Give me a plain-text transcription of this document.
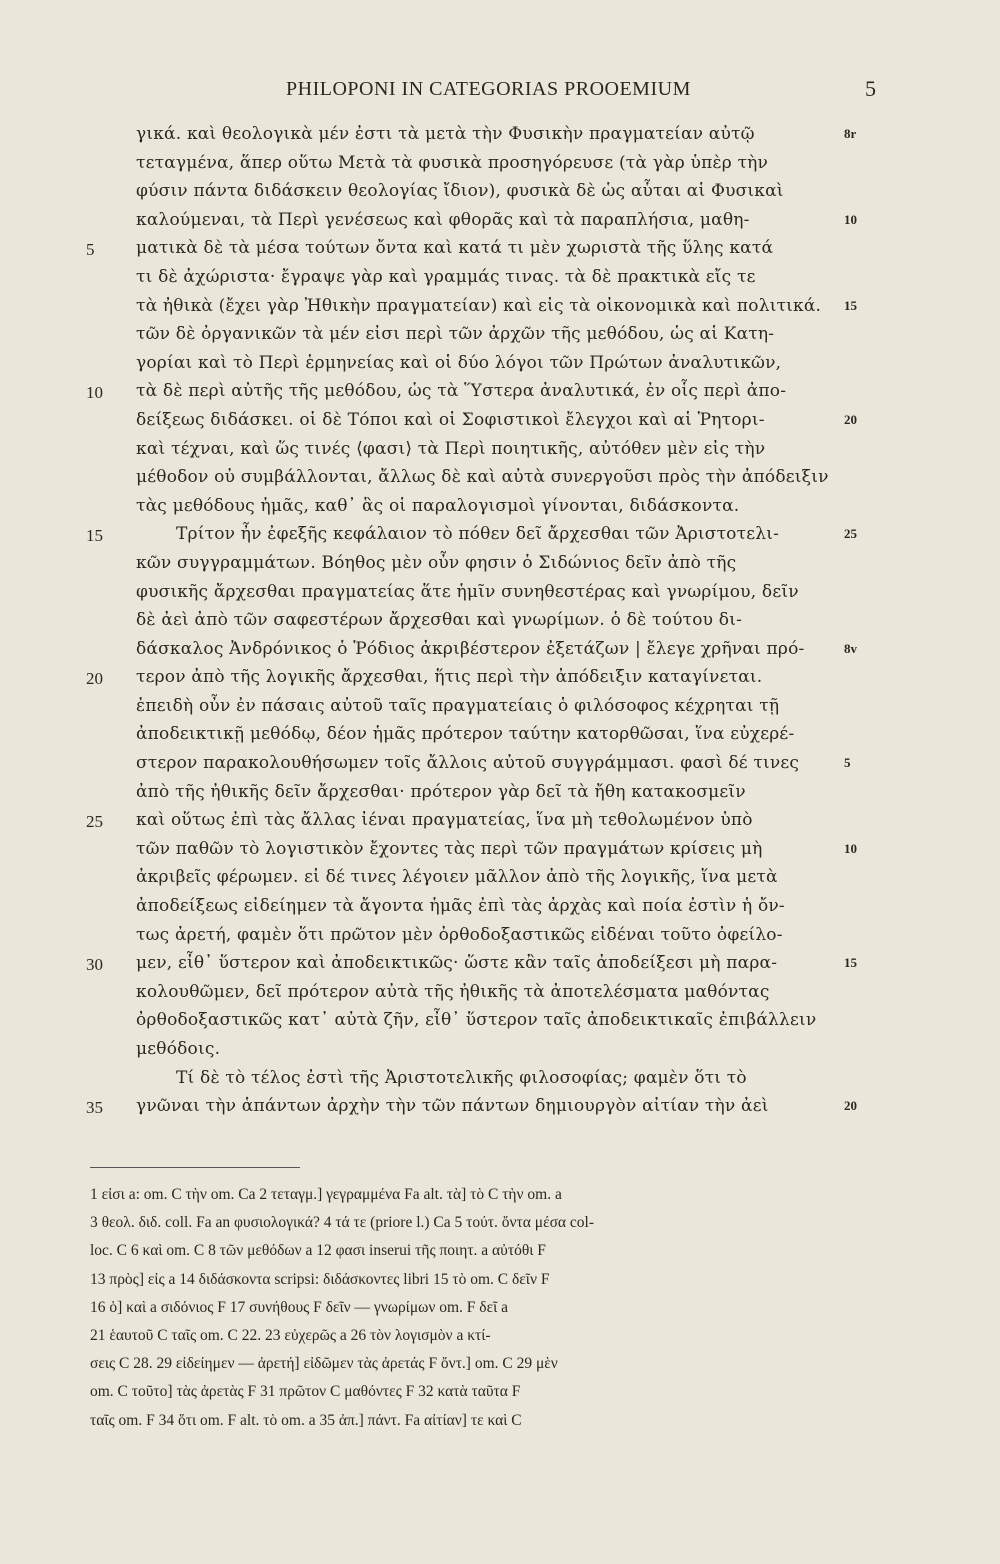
PHILOPONI IN CATEGORIAS PROOEMIUM	5
γικά. καὶ θεολογικὰ μέν ἐστι τὰ μετὰ τὴν Φυσικὴν πραγματείαν αὐτῷ	8r
τεταγμένα, ἅπερ οὕτω Μετὰ τὰ φυσικὰ προσηγόρευσε (τὰ γὰρ ὑπὲρ τὴν
φύσιν πάντα διδάσκειν θεολογίας ἴδιον), φυσικὰ δὲ ὡς αὗται αἱ Φυσικαὶ
καλούμεναι, τὰ Περὶ γενέσεως καὶ φθορᾶς καὶ τὰ παραπλήσια, μαθη-	10
5 ματικὰ δὲ τὰ μέσα τούτων ὄντα καὶ κατά τι μὲν χωριστὰ τῆς ὕλης κατά
τι δὲ ἀχώριστα· ἔγραψε γὰρ καὶ γραμμάς τινας. τὰ δὲ πρακτικὰ εἴς τε
τὰ ἠθικὰ (ἔχει γὰρ Ἠθικὴν πραγματείαν) καὶ εἰς τὰ οἰκονομικὰ καὶ πολιτικά. 15
τῶν δὲ ὀργανικῶν τὰ μέν εἰσι περὶ τῶν ἀρχῶν τῆς μεθόδου, ὡς αἱ Κατη-
γορίαι καὶ τὸ Περὶ ἑρμηνείας καὶ οἱ δύο λόγοι τῶν Πρώτων ἀναλυτικῶν,
10 τὰ δὲ περὶ αὐτῆς τῆς μεθόδου, ὡς τὰ Ὕστερα ἀναλυτικά, ἐν οἷς περὶ ἀπο-
δείξεως διδάσκει. οἱ δὲ Τόποι καὶ οἱ Σοφιστικοὶ ἔλεγχοι καὶ αἱ Ῥητορι-	20
καὶ τέχναι, καὶ ὥς τινές ⟨φασι⟩ τὰ Περὶ ποιητικῆς, αὐτόθεν μὲν εἰς τὴν
μέθοδον οὐ συμβάλλονται, ἄλλως δὲ καὶ αὐτὰ συνεργοῦσι πρὸς τὴν ἀπόδειξιν
τὰς μεθόδους ἡμᾶς, καθ᾽ ἃς οἱ παραλογισμοὶ γίνονται, διδάσκοντα.
15	Τρίτον ἦν ἐφεξῆς κεφάλαιον τὸ πόθεν δεῖ ἄρχεσθαι τῶν Ἀριστοτελι-	25
κῶν συγγραμμάτων. Βόηθος μὲν οὖν φησιν ὁ Σιδώνιος δεῖν ἀπὸ τῆς
φυσικῆς ἄρχεσθαι πραγματείας ἅτε ἡμῖν συνηθεστέρας καὶ γνωρίμου, δεῖν
δὲ ἀεὶ ἀπὸ τῶν σαφεστέρων ἄρχεσθαι καὶ γνωρίμων. ὁ δὲ τούτου δι-
δάσκαλος Ἀνδρόνικος ὁ Ῥόδιος ἀκριβέστερον ἐξετάζων | ἔλεγε χρῆναι πρό-	8v
20 τερον ἀπὸ τῆς λογικῆς ἄρχεσθαι, ἥτις περὶ τὴν ἀπόδειξιν καταγίνεται.
ἐπειδὴ οὖν ἐν πάσαις αὐτοῦ ταῖς πραγματείαις ὁ φιλόσοφος κέχρηται τῇ
ἀποδεικτικῇ μεθόδῳ, δέον ἡμᾶς πρότερον ταύτην κατορθῶσαι, ἵνα εὐχερέ-
στερον παρακολουθήσωμεν τοῖς ἄλλοις αὐτοῦ συγγράμμασι. φασὶ δέ τινες	5
ἀπὸ τῆς ἠθικῆς δεῖν ἄρχεσθαι· πρότερον γὰρ δεῖ τὰ ἤθη κατακοσμεῖν
25 καὶ οὕτως ἐπὶ τὰς ἄλλας ἰέναι πραγματείας, ἵνα μὴ τεθολωμένον ὑπὸ
τῶν παθῶν τὸ λογιστικὸν ἔχοντες τὰς περὶ τῶν πραγμάτων κρίσεις μὴ	10
ἀκριβεῖς φέρωμεν. εἰ δέ τινες λέγοιεν μᾶλλον ἀπὸ τῆς λογικῆς, ἵνα μετὰ
ἀποδείξεως εἰδείημεν τὰ ἄγοντα ἡμᾶς ἐπὶ τὰς ἀρχὰς καὶ ποία ἐστὶν ἡ ὄν-
τως ἀρετή, φαμὲν ὅτι πρῶτον μὲν ὀρθοδοξαστικῶς εἰδέναι τοῦτο ὀφείλο-
30 μεν, εἶθ᾽ ὕστερον καὶ ἀποδεικτικῶς· ὥστε κἂν ταῖς ἀποδείξεσι μὴ παρα-	15
κολουθῶμεν, δεῖ πρότερον αὐτὰ τῆς ἠθικῆς τὰ ἀποτελέσματα μαθόντας
ὀρθοδοξαστικῶς κατ᾽ αὐτὰ ζῆν, εἶθ᾽ ὕστερον ταῖς ἀποδεικτικαῖς ἐπιβάλλειν
μεθόδοις.
Τί δὲ τὸ τέλος ἐστὶ τῆς Ἀριστοτελικῆς φιλοσοφίας; φαμὲν ὅτι τὸ
35 γνῶναι τὴν ἁπάντων ἀρχὴν τὴν τῶν πάντων δημιουργὸν αἰτίαν τὴν ἀεὶ	20
1 εἰσι a: om. C τὴν om. Ca 2 τεταγμ.] γεγραμμένα Fa alt. τὰ] τὸ C τὴν om. a
3 θεολ. διδ. coll. Fa an φυσιολογικά? 4 τά τε (priore l.) Ca 5 τούτ. ὄντα μέσα col-
loc. C 6 καὶ om. C 8 τῶν μεθόδων a 12 φασι inserui τῆς ποιητ. a αὐτόθι F
13 πρὸς] εἰς a 14 διδάσκοντα scripsi: διδάσκοντες libri 15 τὸ om. C δεῖν F
16 ὁ] καὶ a σιδόνιος F 17 συνήθους F δεῖν — γνωρίμων om. F δεῖ a
21 ἑαυτοῦ C ταῖς om. C 22. 23 εὐχερῶς a 26 τὸν λογισμὸν a κτί-
σεις C 28. 29 εἰδείημεν — ἀρετή] εἰδῶμεν τὰς ἀρετάς F ὄντ.] om. C 29 μὲν
om. C τοῦτο] τὰς ἀρετὰς F 31 πρῶτον C μαθόντες F 32 κατὰ ταῦτα F
ταῖς om. F 34 ὅτι om. F alt. τὸ om. a 35 ἀπ.] πάντ. Fa αἰτίαν] τε καὶ C
